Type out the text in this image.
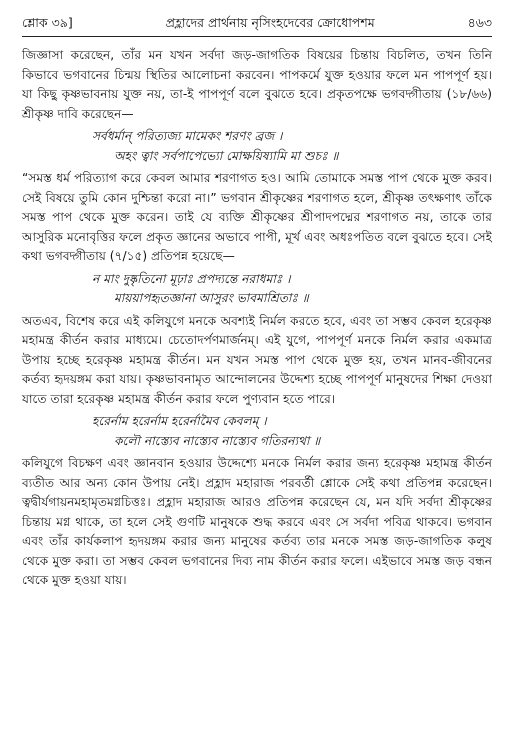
শ্লোক ৩৯]	প্রহ্লাদের প্রার্থনায় নৃসিংহদেবের ক্রোধোপশম	৪৬৩

জিজ্ঞাসা করেছেন, তাঁর মন যখন সর্বদা জড়-জাগতিক বিষয়ের চিন্তায় বিচলিত, তখন তিনি কিভাবে ভগবানের চিন্ময় স্থিতির আলোচনা করবেন। পাপকর্মে যুক্ত হওয়ার ফলে মন পাপপূর্ণ হয়। যা কিছু কৃষ্ণভাবনায় যুক্ত নয়, তা-ই পাপপূর্ণ বলে বুঝতে হবে। প্রকৃতপক্ষে ভগবদ্গীতায় (১৮/৬৬) শ্রীকৃষ্ণ দাবি করেছেন—

সর্বধর্মান্ পরিত্যজ্য মামেকং শরণং ব্রজ ।
অহং ত্বাং সর্বপাপেভ্যো মোক্ষয়িষ্যামি মা শুচঃ ॥

“সমস্ত ধর্ম পরিত্যাগ করে কেবল আমার শরণাগত হও। আমি তোমাকে সমস্ত পাপ থেকে মুক্ত করব। সেই বিষয়ে তুমি কোন দুশ্চিন্তা করো না।” ভগবান শ্রীকৃষ্ণের শরণাগত হলে, শ্রীকৃষ্ণ তৎক্ষণাৎ তাঁকে সমস্ত পাপ থেকে মুক্ত করেন। তাই যে ব্যক্তি শ্রীকৃষ্ণের শ্রীপাদপদ্মের শরণাগত নয়, তাকে তার আসুরিক মনোবৃত্তির ফলে প্রকৃত জ্ঞানের অভাবে পাপী, মূর্খ এবং অধঃপতিত বলে বুঝতে হবে। সেই কথা ভগবদ্গীতায় (৭/১৫) প্রতিপন্ন হয়েছে—

ন মাং দুষ্কৃতিনো মূঢ়াঃ প্রপদ্যন্তে নরাধমাঃ ।
মায়য়াপহৃতজ্ঞানা আসুরং ভাবমাশ্রিতাঃ ॥

অতএব, বিশেষ করে এই কলিযুগে মনকে অবশ্যই নির্মল করতে হবে, এবং তা সম্ভব কেবল হরেকৃষ্ণ মহামন্ত্র কীর্তন করার মাধ্যমে। চেতোদর্পণমার্জনম্। এই যুগে, পাপপূর্ণ মনকে নির্মল করার একমাত্র উপায় হচ্ছে হরেকৃষ্ণ মহামন্ত্র কীর্তন। মন যখন সমস্ত পাপ থেকে মুক্ত হয়, তখন মানব-জীবনের কর্তব্য হৃদয়ঙ্গম করা যায়। কৃষ্ণভাবনামৃত আন্দোলনের উদ্দেশ্য হচ্ছে পাপপূর্ণ মানুষদের শিক্ষা দেওয়া যাতে তারা হরেকৃষ্ণ মহামন্ত্র কীর্তন করার ফলে পুণ্যবান হতে পারে।

হরের্নাম হরের্নাম হরের্নামৈব কেবলম্ ।
কলৌ নাস্ত্যেব নাস্ত্যেব নাস্ত্যেব গতিরন্যথা ॥

কলিযুগে বিচক্ষণ এবং জ্ঞানবান হওয়ার উদ্দেশ্যে মনকে নির্মল করার জন্য হরেকৃষ্ণ মহামন্ত্র কীর্তন ব্যতীত আর অন্য কোন উপায় নেই। প্রহ্লাদ মহারাজ পরবর্তী শ্লোকে সেই কথা প্রতিপন্ন করেছেন। ত্বদ্বীর্যগায়নমহামৃতমগ্নচিত্তঃ। প্রহ্লাদ মহারাজ আরও প্রতিপন্ন করেছেন যে, মন যদি সর্বদা শ্রীকৃষ্ণের চিন্তায় মগ্ন থাকে, তা হলে সেই গুণটি মানুষকে শুদ্ধ করবে এবং সে সর্বদা পবিত্র থাকবে। ভগবান এবং তাঁর কার্যকলাপ হৃদয়ঙ্গম করার জন্য মানুষের কর্তব্য তার মনকে সমস্ত জড়-জাগতিক কলুষ থেকে মুক্ত করা। তা সম্ভব কেবল ভগবানের দিব্য নাম কীর্তন করার ফলে। এইভাবে সমস্ত জড় বন্ধন থেকে মুক্ত হওয়া যায়।
